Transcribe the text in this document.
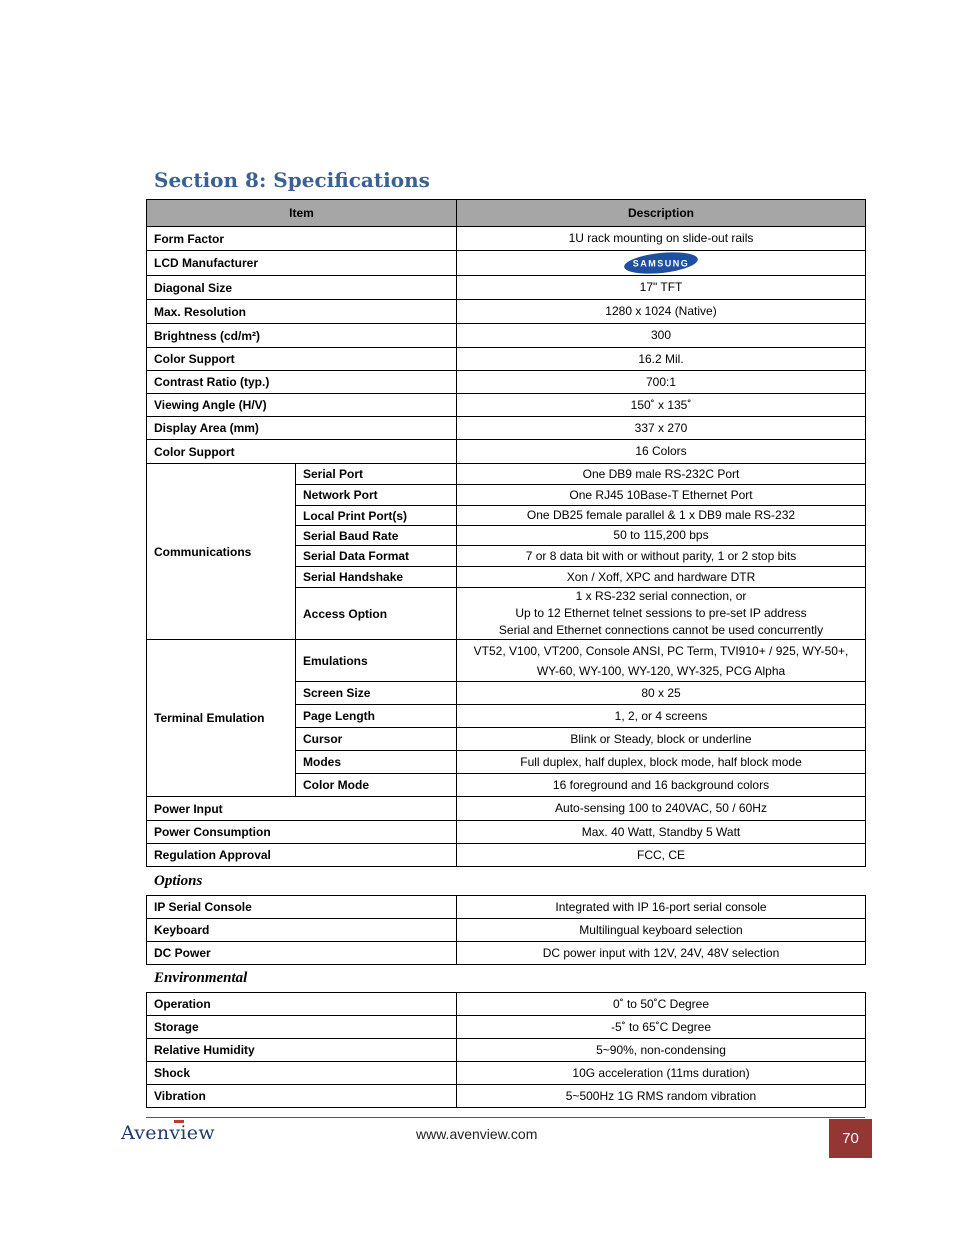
Section 8: Specifications
Item		Description
Form Factor		1U rack mounting on slide-out rails
LCD Manufacturer		SAMSUNG

Diagonal Size		17" TFT
Max. Resolution		1280 x 1024 (Native)
Brightness (cd/m²)		300
Color Support		16.2 Mil.
Contrast Ratio (typ.)		700:1
Viewing Angle (H/V)		150˚ x 135˚
Display Area (mm)		337 x 270
Color Support		16 Colors
Communications	Serial Port	One DB9 male RS-232C Port
	Network Port	One RJ45 10Base-T Ethernet Port
	Local Print Port(s)	One DB25 female parallel & 1 x DB9 male RS-232
	Serial Baud Rate	50 to 115,200 bps
	Serial Data Format	7 or 8 data bit with or without parity, 1 or 2 stop bits
	Serial Handshake	Xon / Xoff, XPC and hardware DTR
	Access Option	1 x RS-232 serial connection, or
Up to 12 Ethernet telnet sessions to pre-set IP address
Serial and Ethernet connections cannot be used concurrently

Terminal Emulation	Emulations	VT52, V100, VT200, Console ANSI, PC Term, TVI910+ / 925, WY-50+,
WY-60, WY-100, WY-120, WY-325, PCG Alpha

	Screen Size	80 x 25
	Page Length	1, 2, or 4 screens
	Cursor	Blink or Steady, block or underline
	Modes	Full duplex, half duplex, block mode, half block mode
	Color Mode	16 foreground and 16 background colors
Power Input		Auto-sensing 100 to 240VAC, 50 / 60Hz
Power Consumption		Max. 40 Watt, Standby 5 Watt
Regulation Approval		FCC, CE
Options
IP Serial Console	Integrated with IP 16-port serial console
Keyboard	Multilingual keyboard selection
DC Power	DC power input with 12V, 24V, 48V selection
Environmental
Operation	0˚ to 50˚C Degree
Storage	-5˚ to 65˚C Degree
Relative Humidity	5~90%, non-condensing
Shock	10G acceleration (11ms duration)
Vibration	5~500Hz 1G RMS random vibration
Avenview	www.avenview.com	70
